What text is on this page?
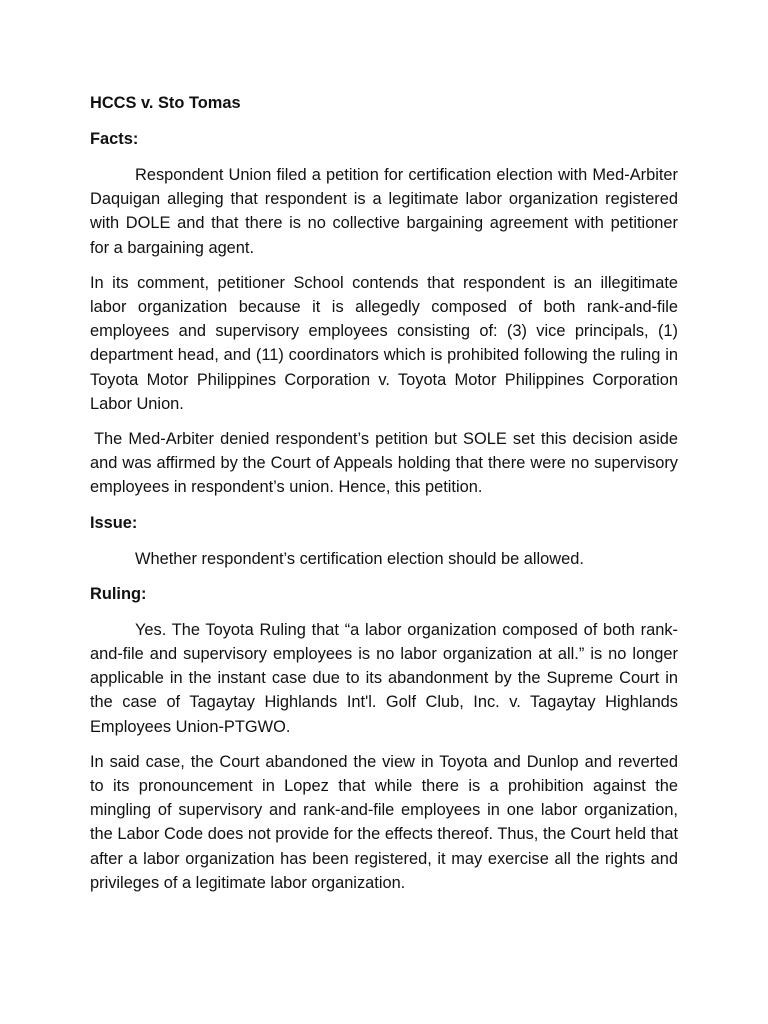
HCCS v. Sto Tomas

Facts:

Respondent Union filed a petition for certification election with Med-Arbiter Daquigan alleging that respondent is a legitimate labor organization registered with DOLE and that there is no collective bargaining agreement with petitioner for a bargaining agent.

In its comment, petitioner School contends that respondent is an illegitimate labor organization because it is allegedly composed of both rank-and-file employees and supervisory employees consisting of: (3) vice principals, (1) department head, and (11) coordinators which is prohibited following the ruling in Toyota Motor Philippines Corporation v. Toyota Motor Philippines Corporation Labor Union.

The Med-Arbiter denied respondent’s petition but SOLE set this decision aside and was affirmed by the Court of Appeals holding that there were no supervisory employees in respondent’s union. Hence, this petition.

Issue:

Whether respondent’s certification election should be allowed.

Ruling:

Yes. The Toyota Ruling that “a labor organization composed of both rank-and-file and supervisory employees is no labor organization at all.” is no longer applicable in the instant case due to its abandonment by the Supreme Court in the case of Tagaytay Highlands Int'l. Golf Club, Inc. v. Tagaytay Highlands Employees Union-PTGWO.

In said case, the Court abandoned the view in Toyota and Dunlop and reverted to its pronouncement in Lopez that while there is a prohibition against the mingling of supervisory and rank-and-file employees in one labor organization, the Labor Code does not provide for the effects thereof. Thus, the Court held that after a labor organization has been registered, it may exercise all the rights and privileges of a legitimate labor organization.
